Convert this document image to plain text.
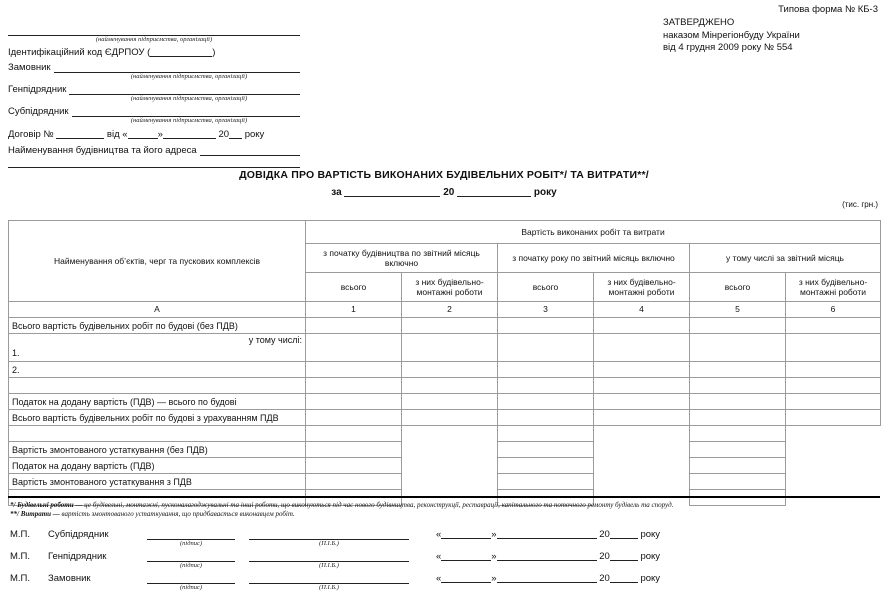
Типова форма № КБ-3
ЗАТВЕРДЖЕНО
наказом Мінрегіонбуду України
від 4 грудня 2009 року № 554
(найменування підприємства, організації)
Ідентифікаційний код ЄДРПОУ (	)
Замовник
(найменування підприємства, організації)
Генпідрядник
(найменування підприємства, організації)
Субпідрядник
(найменування підприємства, організації)
Договір №	від «	»	20 року
Найменування будівництва та його адреса
ДОВІДКА ПРО ВАРТІСТЬ ВИКОНАНИХ БУДІВЕЛЬНИХ РОБІТ*/ ТА ВИТРАТИ**/
за	20	року
(тис. грн.)
Найменування об’єктів, черг та пускових комплексів	Вартість виконаних робіт та витрати					
	з початку будівництва по звітний місяць включно		з початку року по звітний місяць включно		у тому числі за звітний місяць	
	всього	з них будівельно-монтажні роботи	всього	з них будівельно-монтажні роботи	всього	з них будівельно-монтажні роботи
А	1	2	3	4	5	6
Всього вартість будівельних робіт по будові (без ПДВ)						

у тому числі:
1.						

2.						

Податок на додану вартість (ПДВ) — всього по будові						
Всього вартість будівельних робіт по будові з урахуванням ПДВ						

Вартість змонтованого устаткування (без ПДВ)						
Податок на додану вартість (ПДВ)						
Вартість змонтованого устаткування з ПДВ						

*/ Будівельні роботи — це будівельні, монтажні, пусконалагоджувальні та інші роботи, що виконуються під час нового будівництва, реконструкції, реставрації, капітального та поточного ремонту будівель та споруд.
**/ Витрати — вартість змонтованого устаткування, що придбавається виконавцем робіт.
М.П.	Субпідрядник
(підпис)	(П.І.Б.)
«	»	20	року
М.П.	Генпідрядник
(підпис)	(П.І.Б.)
«	»	20	року
М.П.	Замовник
(підпис)	(П.І.Б.)
«	»	20	року
